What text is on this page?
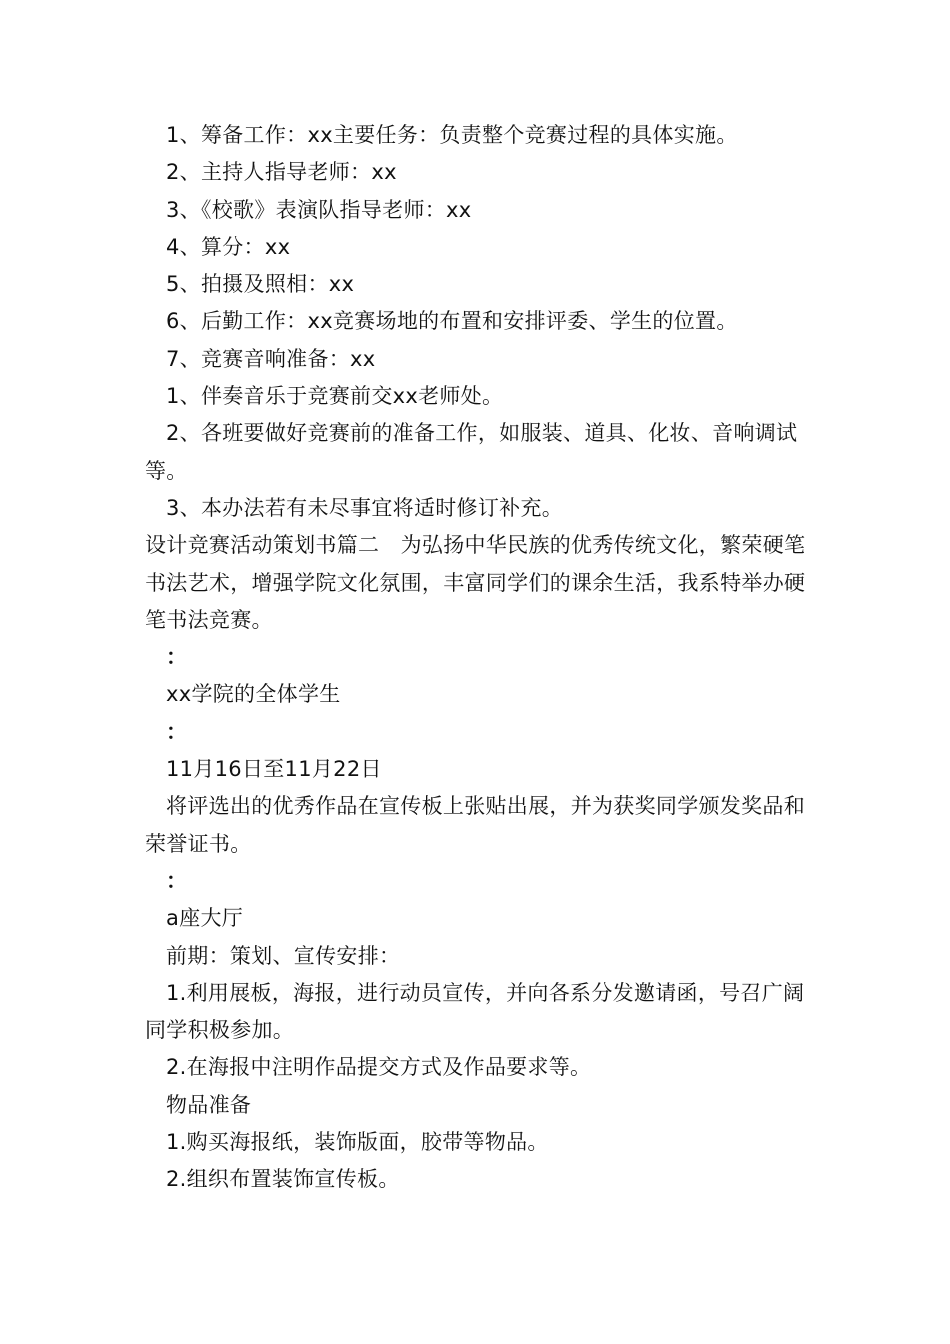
1、筹备工作：xx主要任务：负责整个竞赛过程的具体实施。

2、主持人指导老师：xx

3、《校歌》表演队指导老师：xx

4、算分：xx

5、拍摄及照相：xx

6、后勤工作：xx竞赛场地的布置和安排评委、学生的位置。

7、竞赛音响准备：xx

1、伴奏音乐于竞赛前交xx老师处。

2、各班要做好竞赛前的准备工作，如服装、道具、化妆、音响调试等。

3、本办法若有未尽事宜将适时修订补充。

设计竞赛活动策划书篇二　为弘扬中华民族的优秀传统文化，繁荣硬笔书法艺术，增强学院文化氛围，丰富同学们的课余生活，我系特举办硬笔书法竞赛。

：

xx学院的全体学生

：

11月16日至11月22日

将评选出的优秀作品在宣传板上张贴出展，并为获奖同学颁发奖品和荣誉证书。

：

a座大厅

前期：策划、宣传安排：

1.利用展板，海报，进行动员宣传，并向各系分发邀请函，号召广阔同学积极参加。

2.在海报中注明作品提交方式及作品要求等。

物品准备

1.购买海报纸，装饰版面，胶带等物品。

2.组织布置装饰宣传板。
